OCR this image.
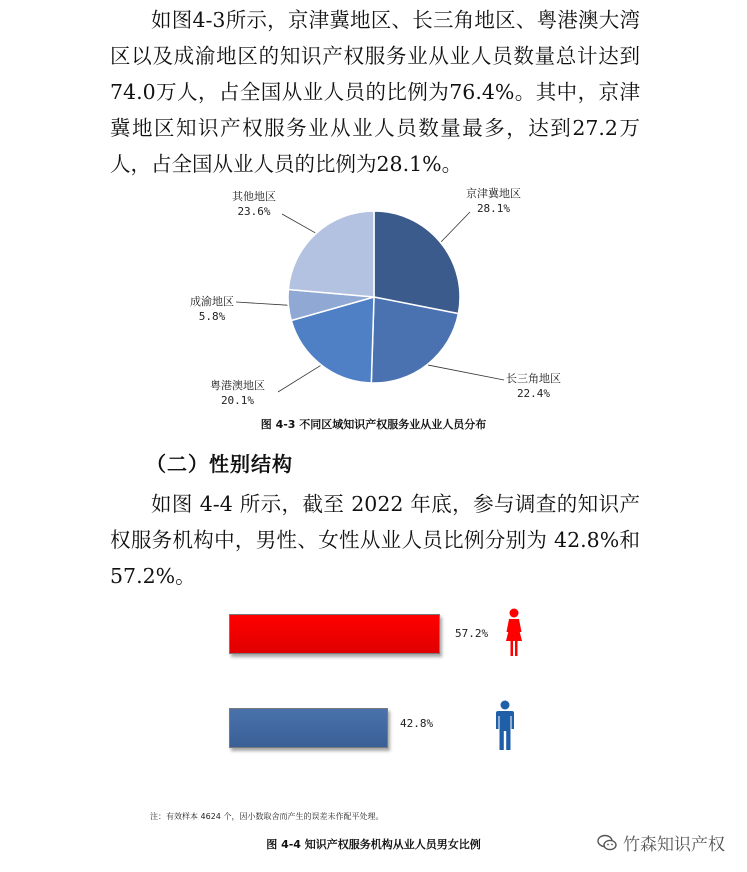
如图4-3所示，京津冀地区、长三角地区、粤港澳大湾区以及成渝地区的知识产权服务业从业人员数量总计达到74.0万人，占全国从业人员的比例为76.4%。其中，京津冀地区知识产权服务业从业人员数量最多，达到27.2万人，占全国从业人员的比例为28.1%。

京津冀地区
28.1%
长三角地区
22.4%
粤港澳地区
20.1%
成渝地区
5.8%
其他地区
23.6%
图 4-3 不同区域知识产权服务业从业人员分布
（二）性别结构

如图 4-4 所示，截至 2022 年底，参与调查的知识产权服务机构中，男性、女性从业人员比例分别为 42.8%和 57.2%。

57.2%
42.8%
注：有效样本 4624 个，因小数取舍而产生的误差未作配平处理。
图 4-4 知识产权服务机构从业人员男女比例	竹森知识产权
